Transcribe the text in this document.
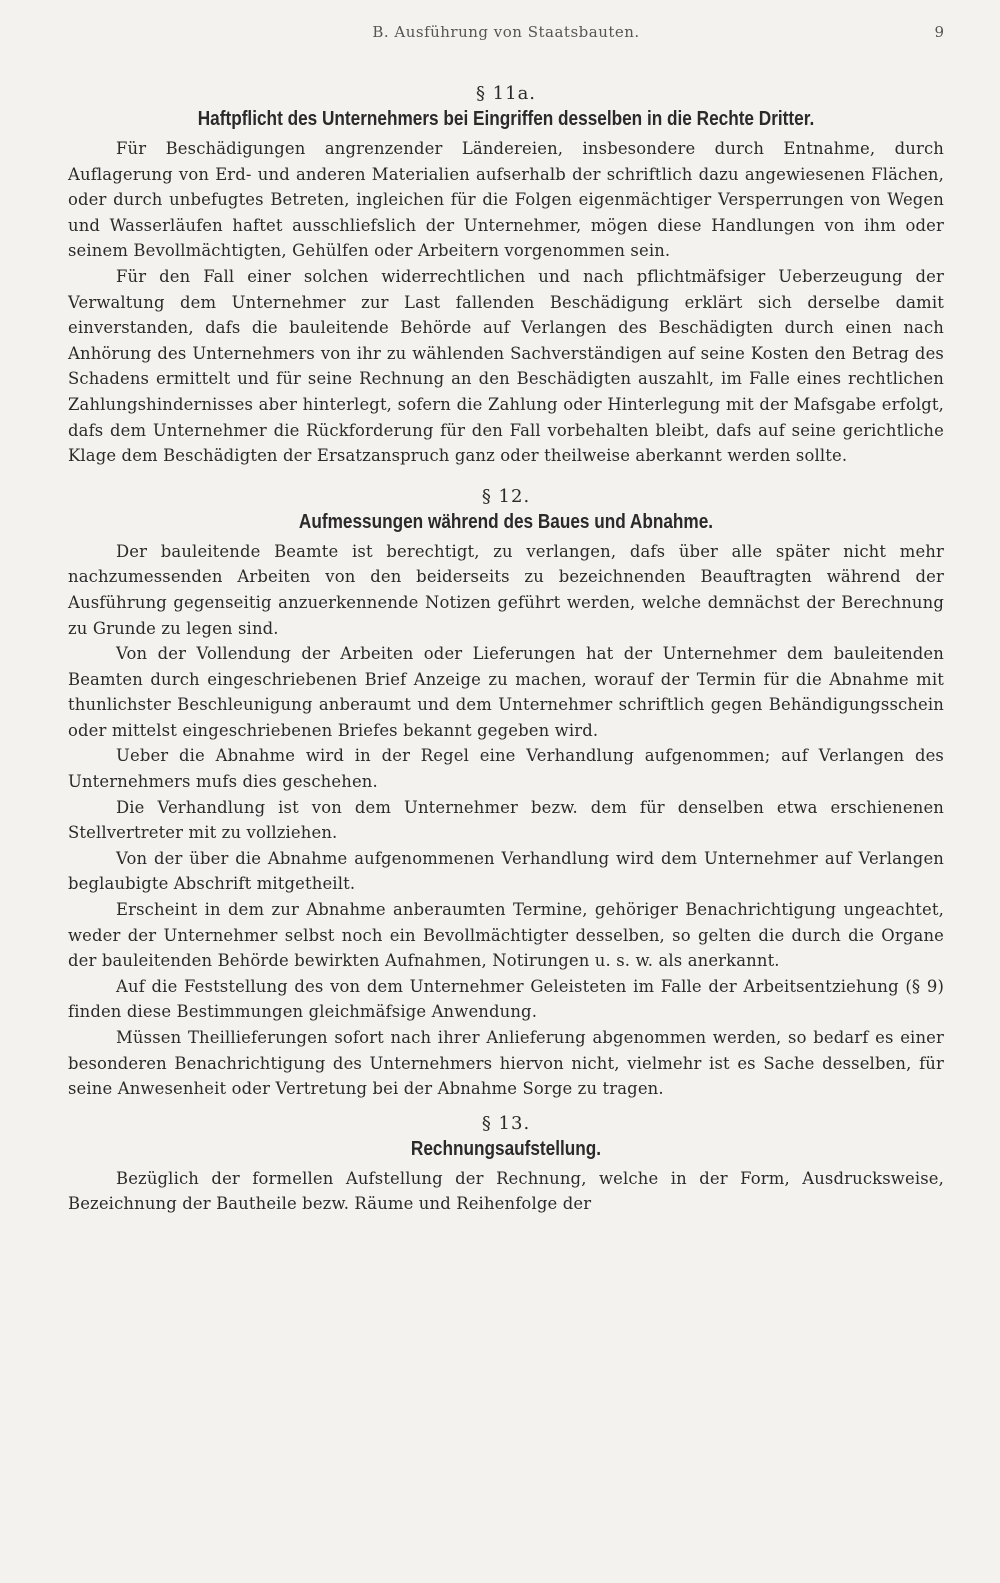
B. Ausführung von Staatsbauten.	9
§ 11a.
Haftpflicht des Unternehmers bei Eingriffen desselben in die Rechte Dritter.

Für Beschädigungen angrenzender Ländereien, insbesondere durch Entnahme, durch Auflagerung von Erd- und anderen Materialien aufserhalb der schriftlich dazu angewiesenen Flächen, oder durch unbefugtes Betreten, ingleichen für die Folgen eigenmächtiger Versperrungen von Wegen und Wasserläufen haftet ausschliefslich der Unternehmer, mögen diese Handlungen von ihm oder seinem Bevollmächtigten, Gehülfen oder Arbeitern vorgenommen sein.

Für den Fall einer solchen widerrechtlichen und nach pflichtmäfsiger Ueberzeugung der Verwaltung dem Unternehmer zur Last fallenden Beschädigung erklärt sich derselbe damit einverstanden, dafs die bauleitende Behörde auf Verlangen des Beschädigten durch einen nach Anhörung des Unternehmers von ihr zu wählenden Sachverständigen auf seine Kosten den Betrag des Schadens ermittelt und für seine Rechnung an den Beschädigten auszahlt, im Falle eines rechtlichen Zahlungshindernisses aber hinterlegt, sofern die Zahlung oder Hinterlegung mit der Mafsgabe erfolgt, dafs dem Unternehmer die Rückforderung für den Fall vorbehalten bleibt, dafs auf seine gerichtliche Klage dem Beschädigten der Ersatzanspruch ganz oder theilweise aberkannt werden sollte.

§ 12.
Aufmessungen während des Baues und Abnahme.

Der bauleitende Beamte ist berechtigt, zu verlangen, dafs über alle später nicht mehr nachzumessenden Arbeiten von den beiderseits zu bezeichnenden Beauftragten während der Ausführung gegenseitig anzuerkennende Notizen geführt werden, welche demnächst der Berechnung zu Grunde zu legen sind.

Von der Vollendung der Arbeiten oder Lieferungen hat der Unternehmer dem bauleitenden Beamten durch eingeschriebenen Brief Anzeige zu machen, worauf der Termin für die Abnahme mit thunlichster Beschleunigung anberaumt und dem Unternehmer schriftlich gegen Behändigungsschein oder mittelst eingeschriebenen Briefes bekannt gegeben wird.

Ueber die Abnahme wird in der Regel eine Verhandlung aufgenommen; auf Verlangen des Unternehmers mufs dies geschehen.

Die Verhandlung ist von dem Unternehmer bezw. dem für denselben etwa erschienenen Stellvertreter mit zu vollziehen.

Von der über die Abnahme aufgenommenen Verhandlung wird dem Unternehmer auf Verlangen beglaubigte Abschrift mitgetheilt.

Erscheint in dem zur Abnahme anberaumten Termine, gehöriger Benachrichtigung ungeachtet, weder der Unternehmer selbst noch ein Bevollmächtigter desselben, so gelten die durch die Organe der bauleitenden Behörde bewirkten Aufnahmen, Notirungen u. s. w. als anerkannt.

Auf die Feststellung des von dem Unternehmer Geleisteten im Falle der Arbeitsentziehung (§ 9) finden diese Bestimmungen gleichmäfsige Anwendung.

Müssen Theillieferungen sofort nach ihrer Anlieferung abgenommen werden, so bedarf es einer besonderen Benachrichtigung des Unternehmers hiervon nicht, vielmehr ist es Sache desselben, für seine Anwesenheit oder Vertretung bei der Abnahme Sorge zu tragen.

§ 13.
Rechnungsaufstellung.

Bezüglich der formellen Aufstellung der Rechnung, welche in der Form, Ausdrucksweise, Bezeichnung der Bautheile bezw. Räume und Reihenfolge der
